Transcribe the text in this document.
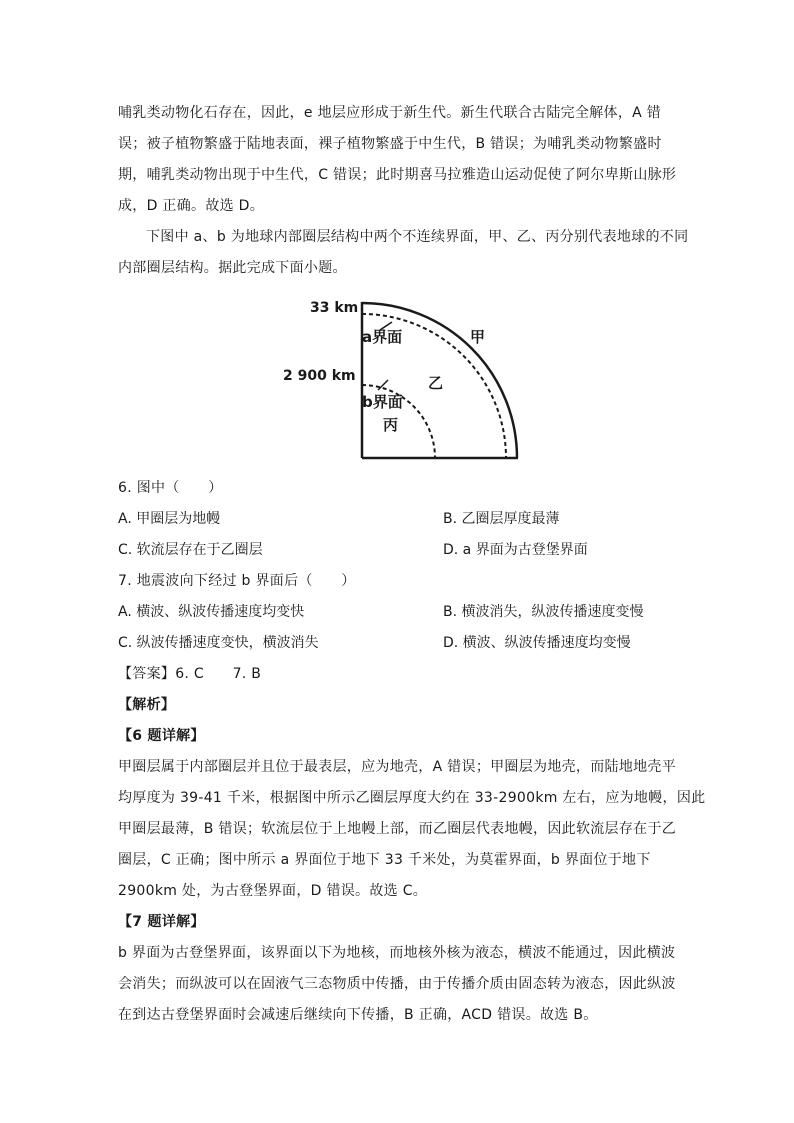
哺乳类动物化石存在，因此，e 地层应形成于新生代。新生代联合古陆完全解体，A 错
误；被子植物繁盛于陆地表面，裸子植物繁盛于中生代，B 错误；为哺乳类动物繁盛时
期，哺乳类动物出现于中生代，C 错误；此时期喜马拉雅造山运动促使了阿尔卑斯山脉形
成，D 正确。故选 D。
下图中 a、b 为地球内部圈层结构中两个不连续界面，甲、乙、丙分别代表地球的不同
内部圈层结构。据此完成下面小题。
33 km
2 900 km
a界面
b界面
甲
乙
丙
6. 图中（　　）
A. 甲圈层为地幔	B. 乙圈层厚度最薄
C. 软流层存在于乙圈层	D. a 界面为古登堡界面
7. 地震波向下经过 b 界面后（　　）
A. 横波、纵波传播速度均变快	B. 横波消失，纵波传播速度变慢
C. 纵波传播速度变快，横波消失	D. 横波、纵波传播速度均变慢
【答案】6. C　　7. B
【解析】
【6 题详解】
甲圈层属于内部圈层并且位于最表层，应为地壳，A 错误；甲圈层为地壳，而陆地地壳平
均厚度为 39-41 千米，根据图中所示乙圈层厚度大约在 33-2900km 左右，应为地幔，因此
甲圈层最薄，B 错误；软流层位于上地幔上部，而乙圈层代表地幔，因此软流层存在于乙
圈层，C 正确；图中所示 a 界面位于地下 33 千米处，为莫霍界面，b 界面位于地下
2900km 处，为古登堡界面，D 错误。故选 C。
【7 题详解】
b 界面为古登堡界面，该界面以下为地核，而地核外核为液态，横波不能通过，因此横波
会消失；而纵波可以在固液气三态物质中传播，由于传播介质由固态转为液态，因此纵波
在到达古登堡界面时会减速后继续向下传播，B 正确，ACD 错误。故选 B。
